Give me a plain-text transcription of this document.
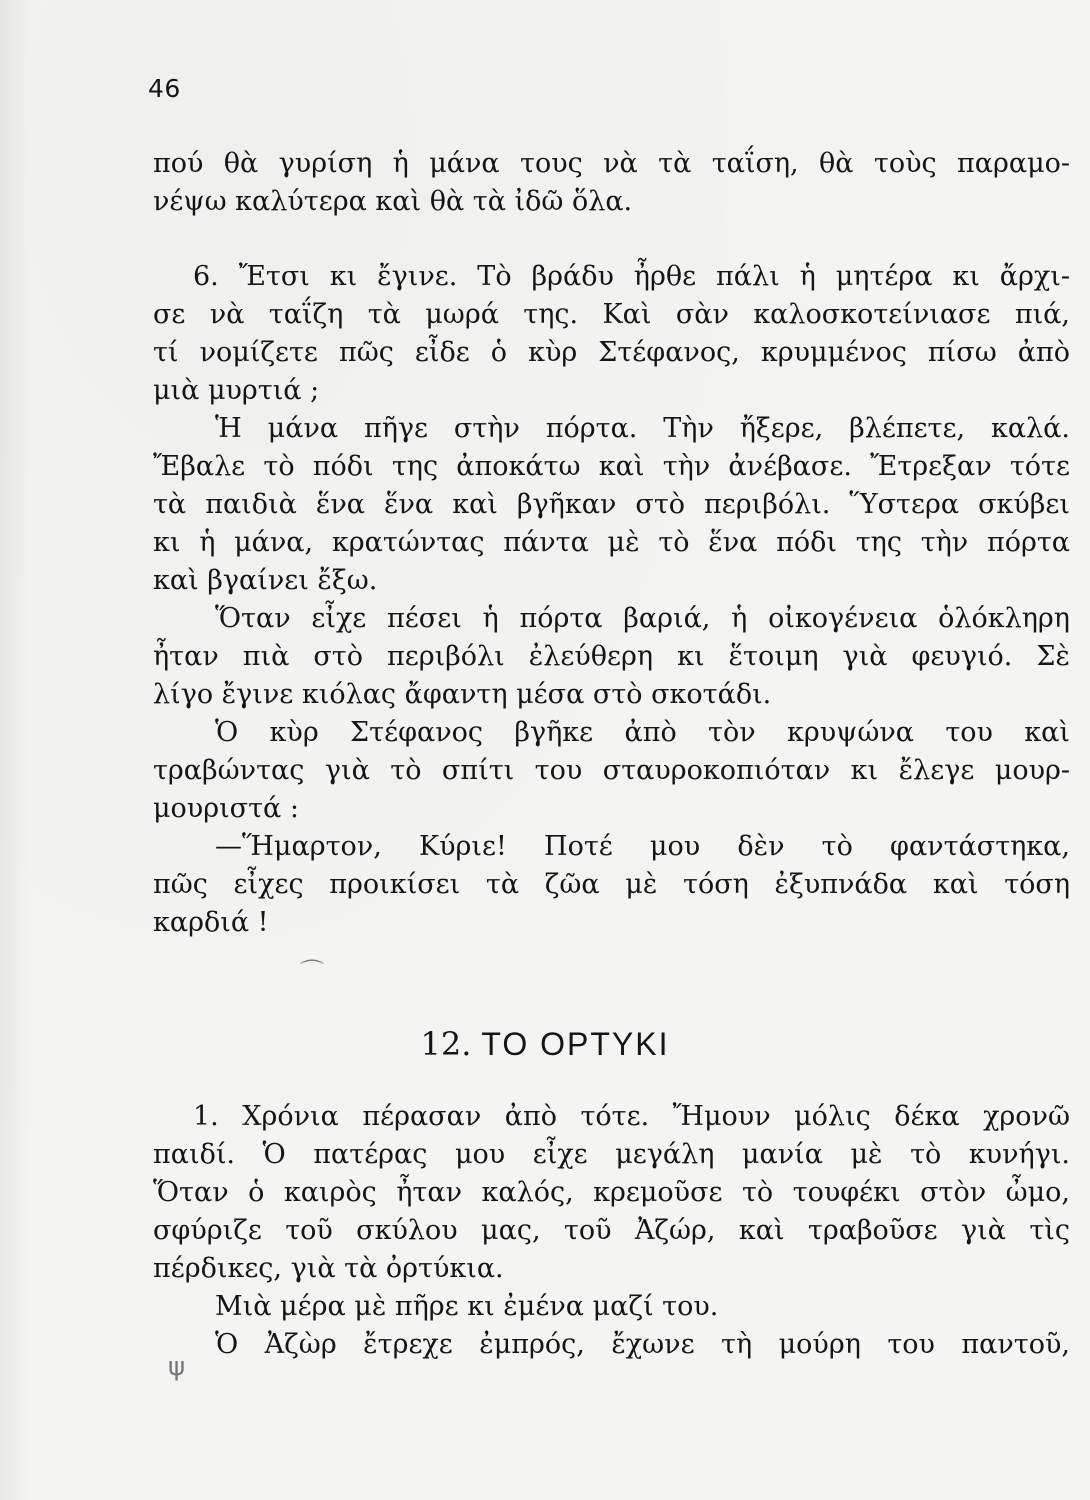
46
πού θὰ γυρίση ἡ μάνα τους νὰ τὰ ταΐση, θὰ τοὺς παραμο-
νέψω καλύτερα καὶ θὰ τὰ ἰδῶ ὅλα.
6. Ἔτσι κι ἔγινε. Τὸ βράδυ ἦρθε πάλι ἡ μητέρα κι ἄρχι-
σε νὰ ταΐζη τὰ μωρά της. Καὶ σὰν καλοσκοτείνιασε πιά,
τί νομίζετε πῶς εἶδε ὁ κὺρ Στέφανος, κρυμμένος πίσω ἀπὸ
μιὰ μυρτιά ;
Ἡ μάνα πῆγε στὴν πόρτα. Τὴν ἤξερε, βλέπετε, καλά.
Ἔβαλε τὸ πόδι της ἀποκάτω καὶ τὴν ἀνέβασε. Ἔτρεξαν τότε
τὰ παιδιὰ ἕνα ἕνα καὶ βγῆκαν στὸ περιβόλι. Ὕστερα σκύβει
κι ἡ μάνα, κρατώντας πάντα μὲ τὸ ἕνα πόδι της τὴν πόρτα
καὶ βγαίνει ἔξω.
Ὅταν εἶχε πέσει ἡ πόρτα βαριά, ἡ οἰκογένεια ὁλόκληρη
ἦταν πιὰ στὸ περιβόλι ἐλεύθερη κι ἕτοιμη γιὰ φευγιό. Σὲ
λίγο ἔγινε κιόλας ἄφαντη μέσα στὸ σκοτάδι.
Ὁ κὺρ Στέφανος βγῆκε ἀπὸ τὸν κρυψώνα του καὶ
τραβώντας γιὰ τὸ σπίτι του σταυροκοπιόταν κι ἔλεγε μουρ-
μουριστά :
—Ἥμαρτον, Κύριε! Ποτέ μου δὲν τὸ φαντάστηκα,
πῶς εἶχες προικίσει τὰ ζῶα μὲ τόση ἐξυπνάδα καὶ τόση
καρδιά !
⌒
12. ΤΟ ΟΡΤΥΚΙ
1. Χρόνια πέρασαν ἀπὸ τότε. Ἤμουν μόλις δέκα χρονῶ
παιδί. Ὁ πατέρας μου εἶχε μεγάλη μανία μὲ τὸ κυνήγι.
Ὅταν ὁ καιρὸς ἦταν καλός, κρεμοῦσε τὸ τουφέκι στὸν ὦμο,
σφύριζε τοῦ σκύλου μας, τοῦ Ἀζώρ, καὶ τραβοῦσε γιὰ τὶς
πέρδικες, γιὰ τὰ ὀρτύκια.
Μιὰ μέρα μὲ πῆρε κι ἐμένα μαζί του.
Ὁ Ἀζὼρ ἔτρεχε ἐμπρός, ἔχωνε τὴ μούρη του παντοῦ,
ψ
